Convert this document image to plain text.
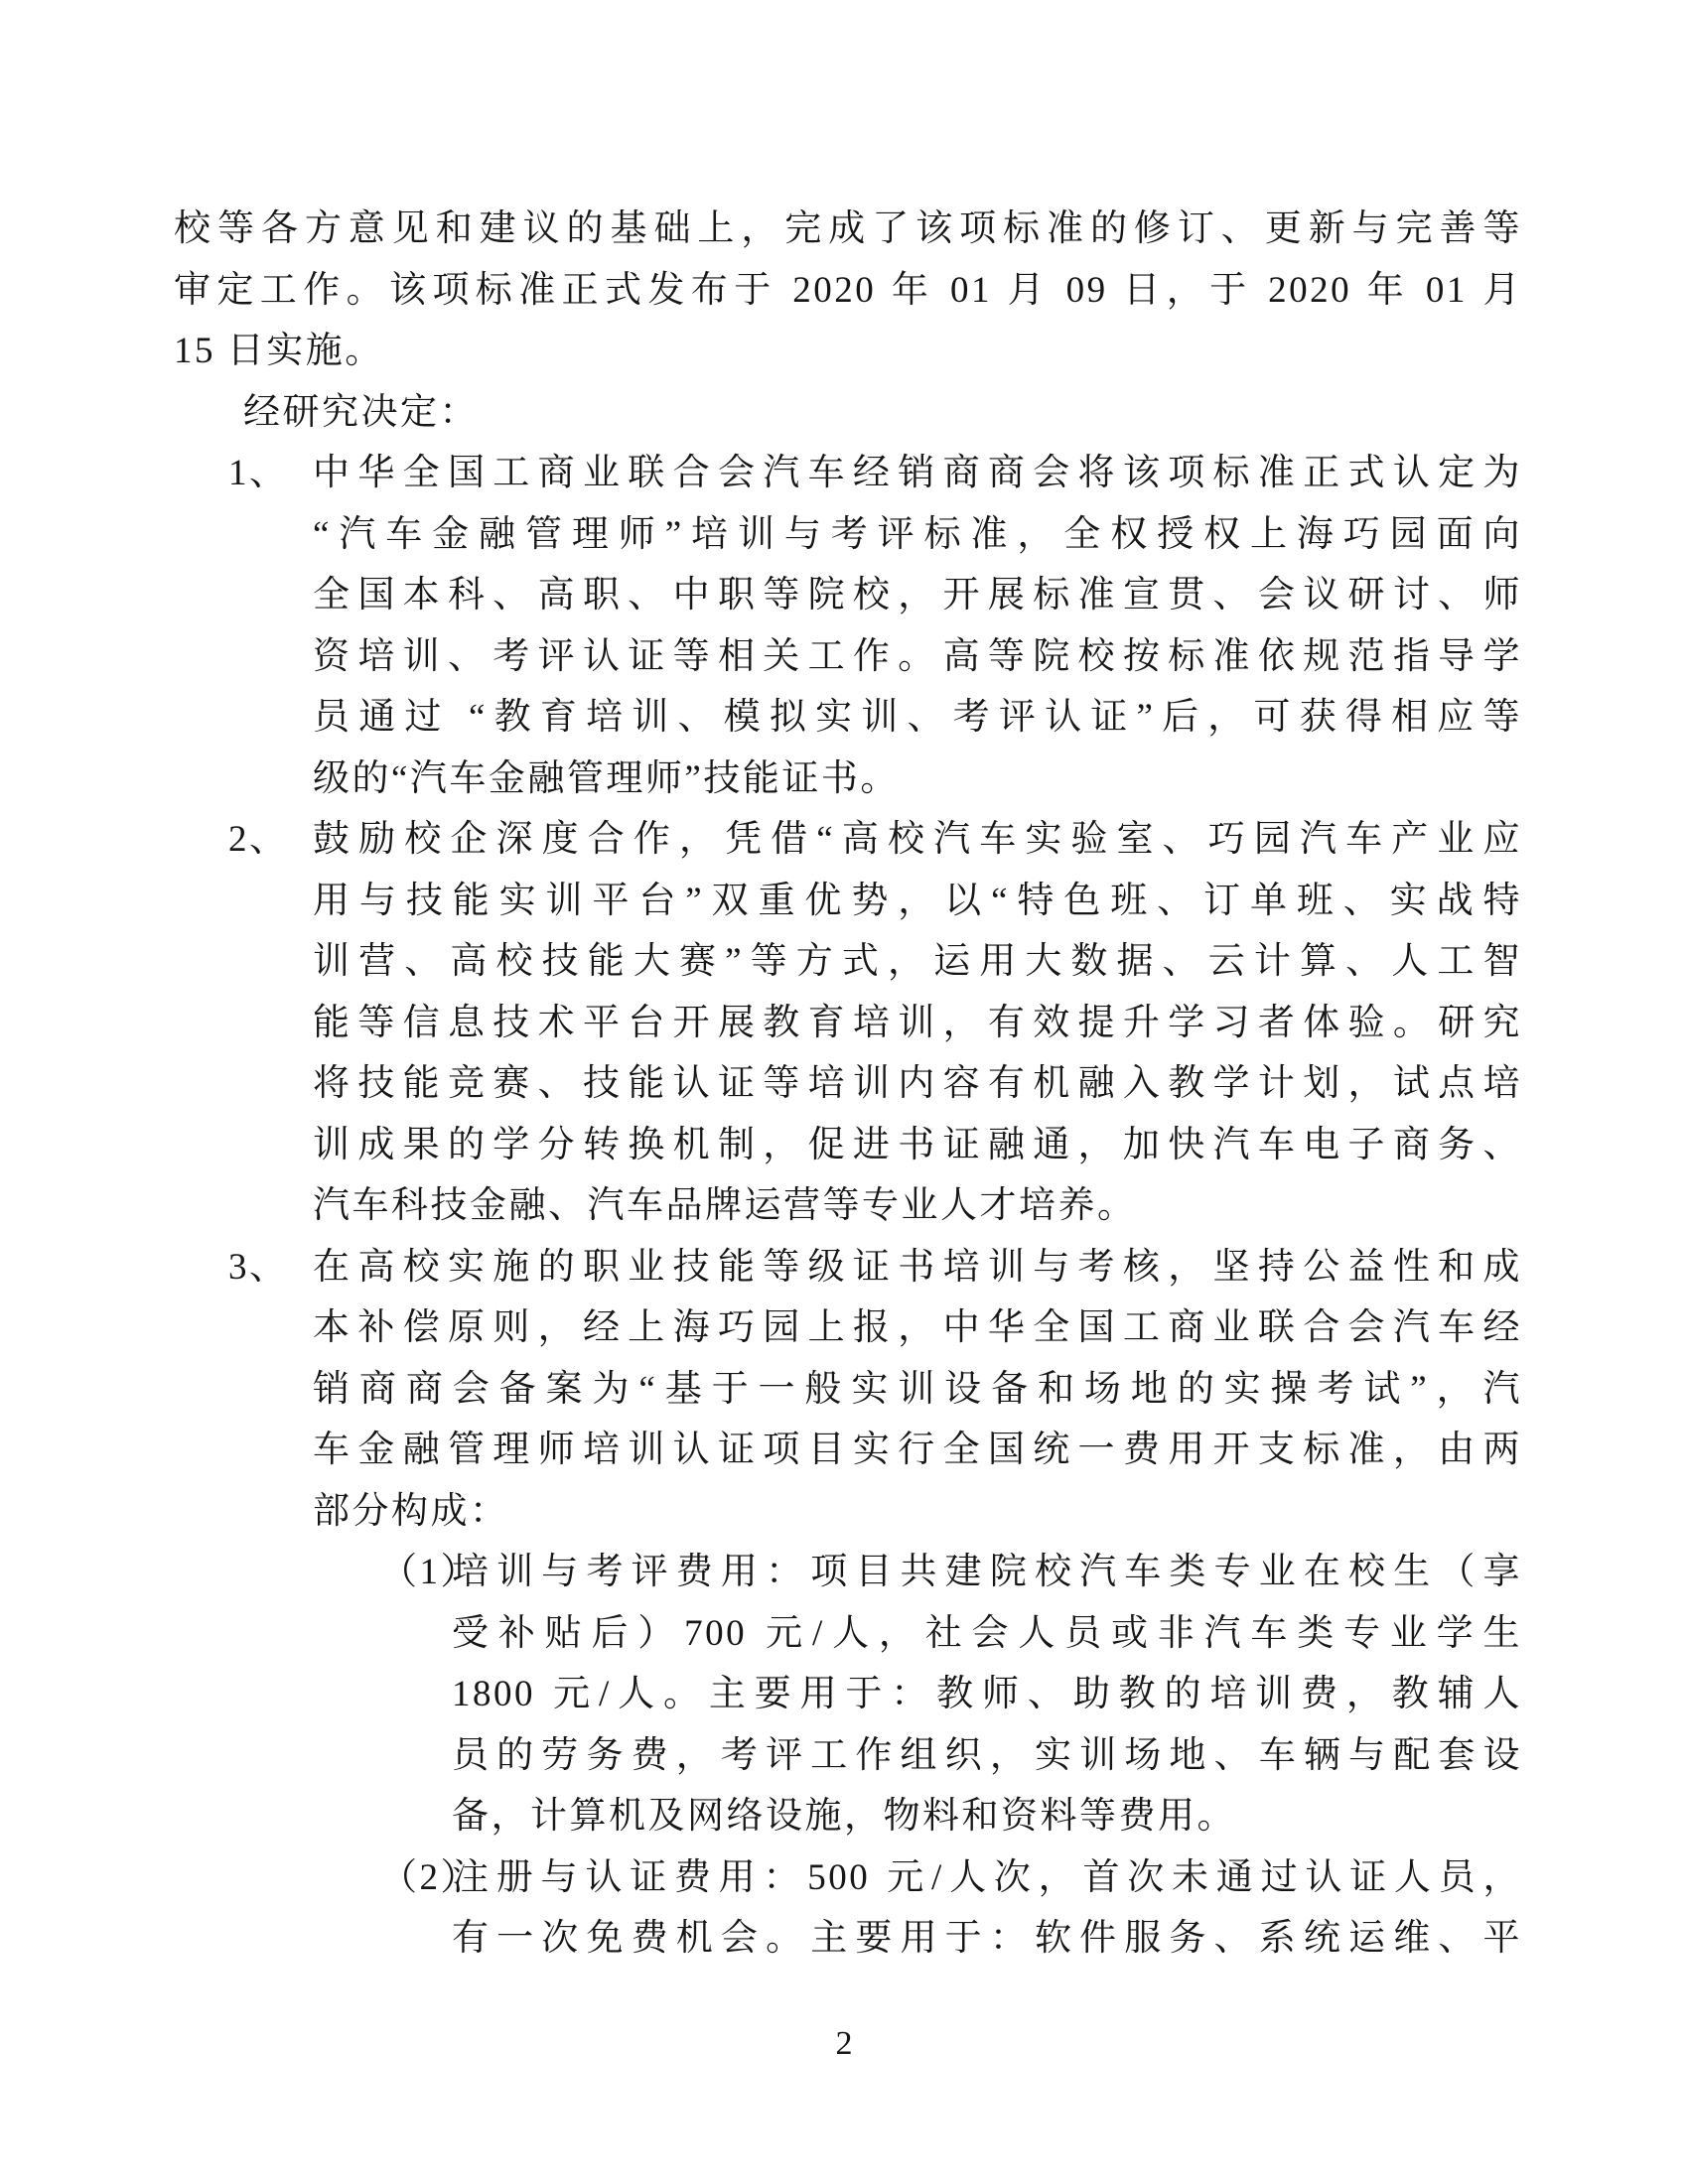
校等各方意见和建议的基础上，完成了该项标准的修订、更新与完善等
审定工作。该项标准正式发布于 2020 年 01 月 09 日，于 2020 年 01 月
15 日实施。
经研究决定：
1、 中华全国工商业联合会汽车经销商商会将该项标准正式认定为
“汽车金融管理师”培训与考评标准，全权授权上海巧园面向
全国本科、高职、中职等院校，开展标准宣贯、会议研讨、师
资培训、考评认证等相关工作。高等院校按标准依规范指导学
员通过 “教育培训、模拟实训、考评认证”后，可获得相应等
级的“汽车金融管理师”技能证书。
2、 鼓励校企深度合作，凭借“高校汽车实验室、巧园汽车产业应
用与技能实训平台”双重优势，以“特色班、订单班、实战特
训营、高校技能大赛”等方式，运用大数据、云计算、人工智
能等信息技术平台开展教育培训，有效提升学习者体验。研究
将技能竞赛、技能认证等培训内容有机融入教学计划，试点培
训成果的学分转换机制，促进书证融通，加快汽车电子商务、
汽车科技金融、汽车品牌运营等专业人才培养。
3、 在高校实施的职业技能等级证书培训与考核，坚持公益性和成
本补偿原则，经上海巧园上报，中华全国工商业联合会汽车经
销商商会备案为“基于一般实训设备和场地的实操考试”，汽
车金融管理师培训认证项目实行全国统一费用开支标准，由两
部分构成：
（1）
培训与考评费用：项目共建院校汽车类专业在校生（享
受补贴后）700 元/人，社会人员或非汽车类专业学生
1800 元/人。主要用于：教师、助教的培训费，教辅人
员的劳务费，考评工作组织，实训场地、车辆与配套设
备，计算机及网络设施，物料和资料等费用。
（2）
注册与认证费用：500 元/人次，首次未通过认证人员，
有一次免费机会。主要用于：软件服务、系统运维、平
2
